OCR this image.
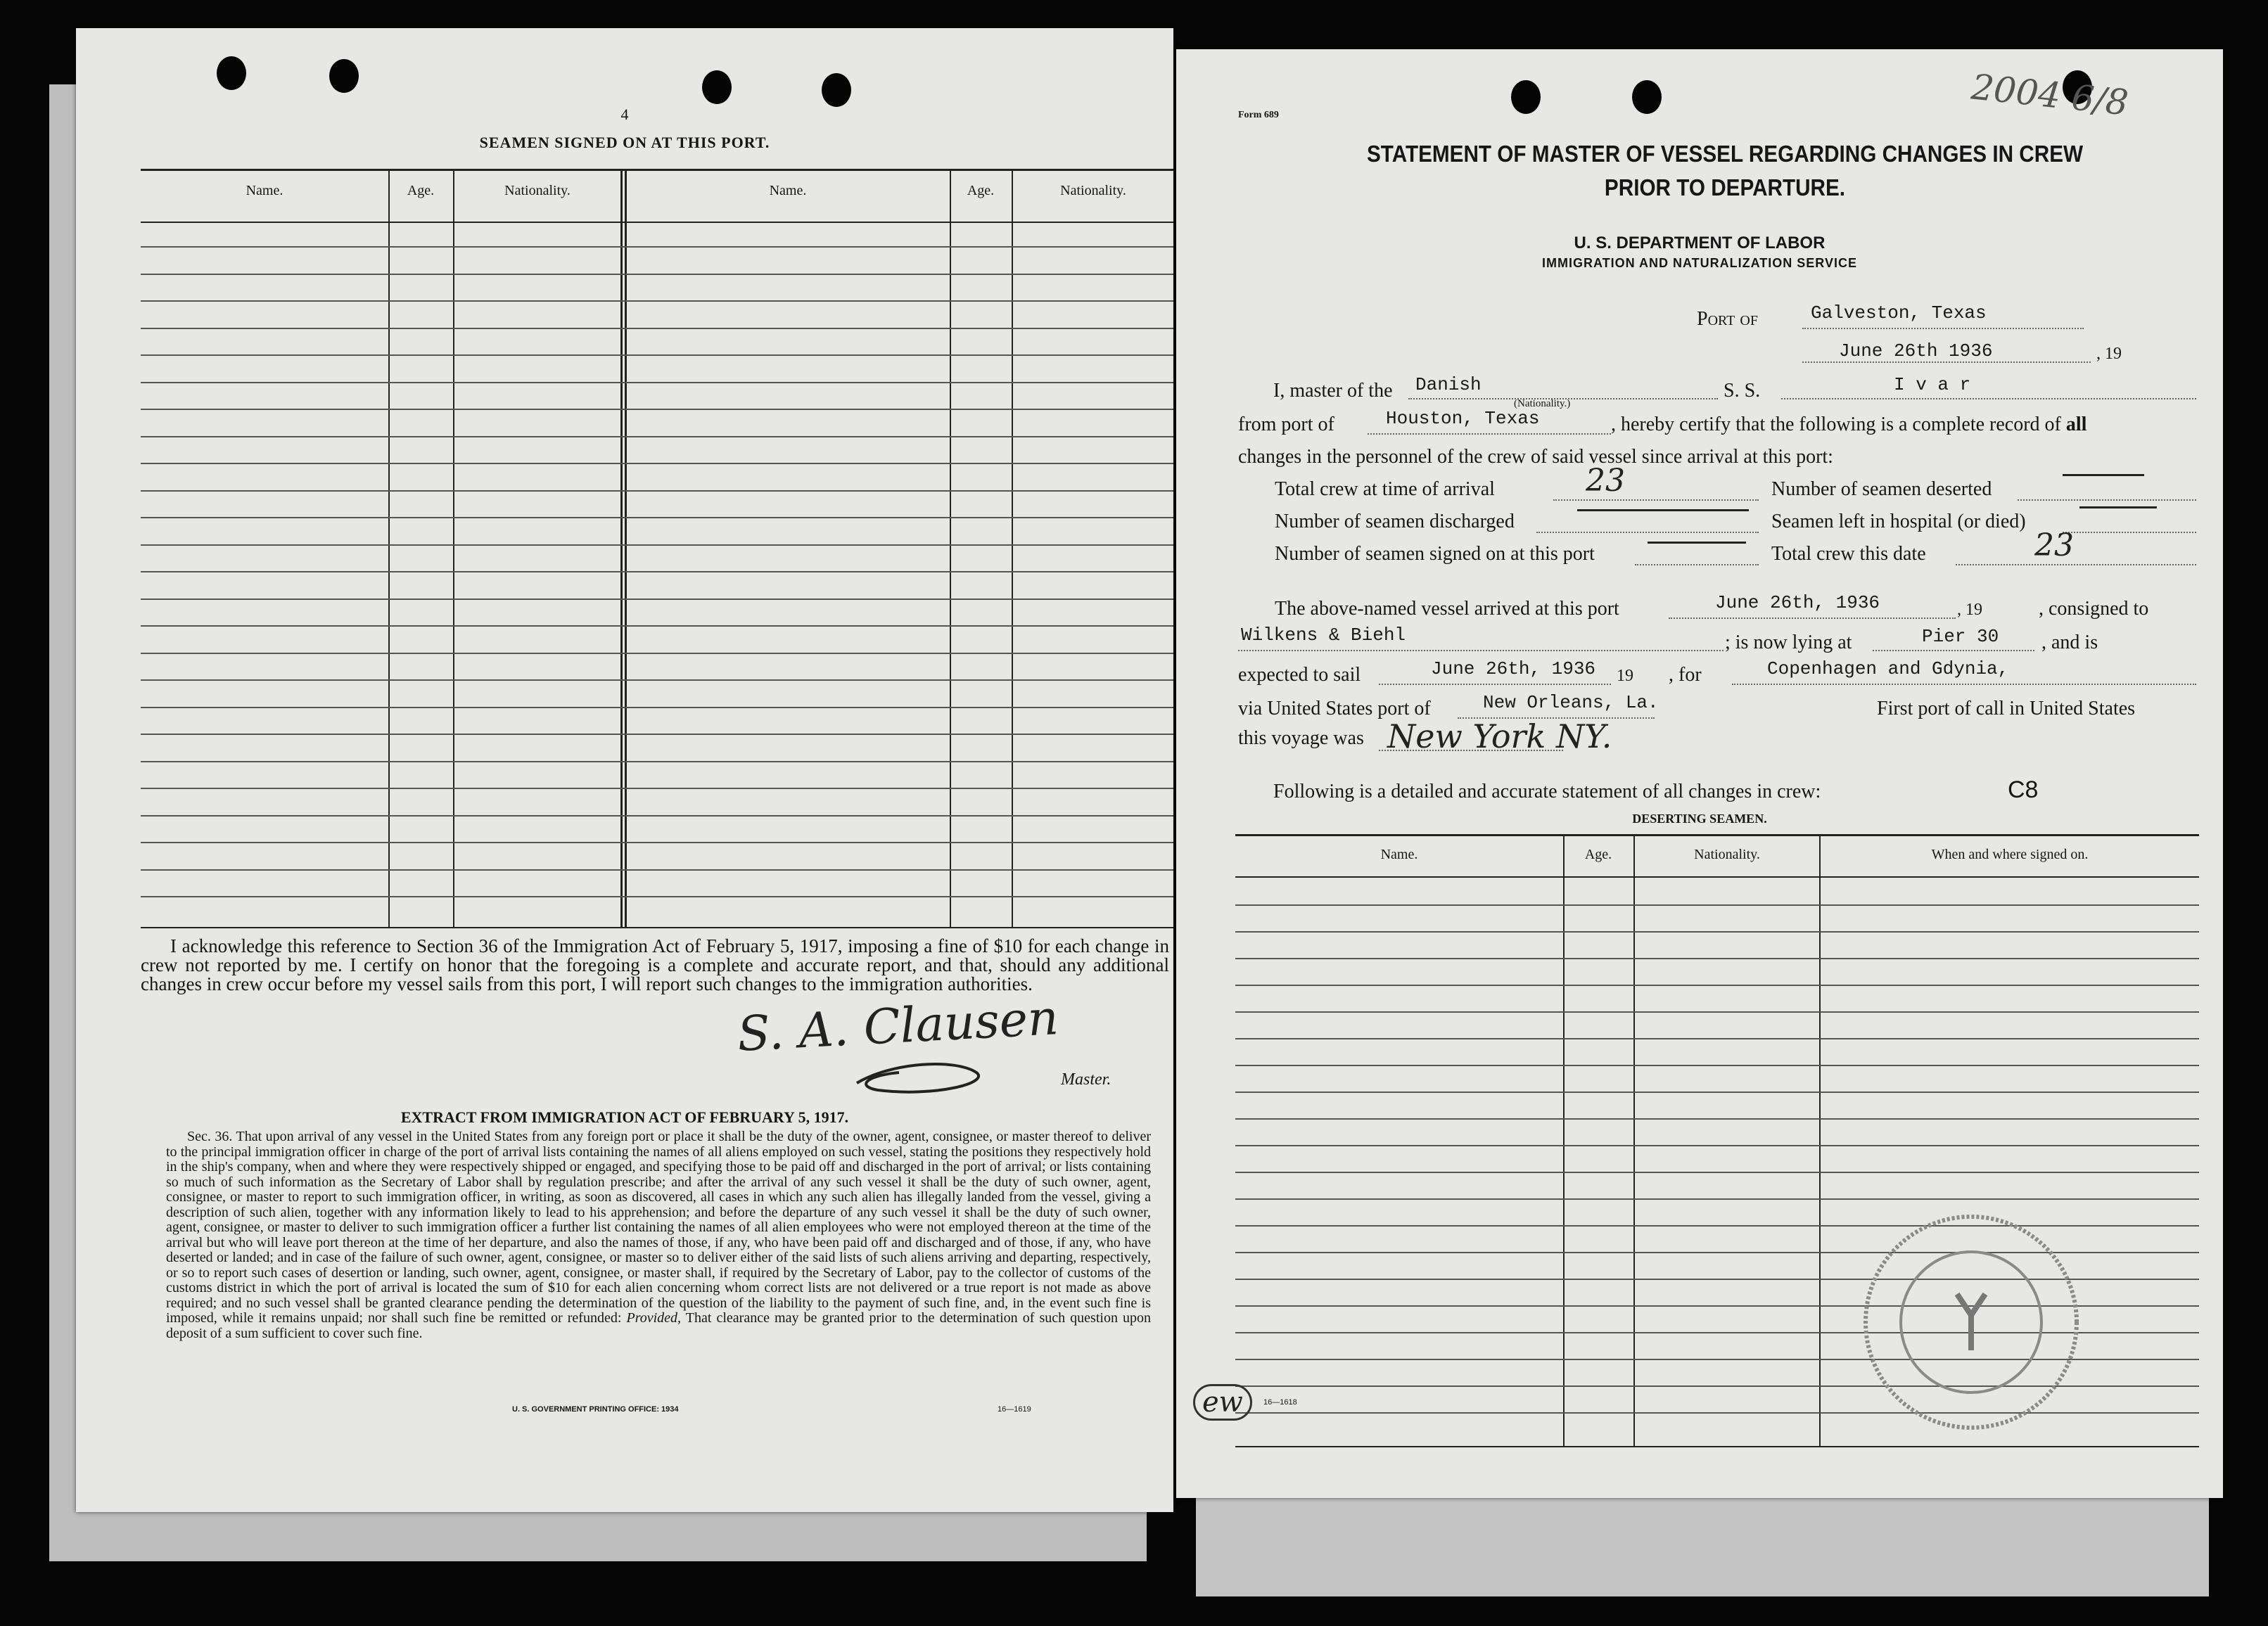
4
SEAMEN SIGNED ON AT THIS PORT.
Name.	Age.	Nationality.	Name.	Age.	Nationality.
I acknowledge this reference to Section 36 of the Immigration Act of February 5, 1917, imposing a fine of $10 for each change in crew not reported by me. I certify on honor that the foregoing is a complete and accurate report, and that, should any additional changes in crew occur before my vessel sails from this port, I will report such changes to the immigration authorities.
S. A. Clausen
Master.
EXTRACT FROM IMMIGRATION ACT OF FEBRUARY 5, 1917.
Sec. 36. That upon arrival of any vessel in the United States from any foreign port or place it shall be the duty of the owner, agent, consignee, or master thereof to deliver to the principal immigration officer in charge of the port of arrival lists containing the names of all aliens employed on such vessel, stating the positions they respectively hold in the ship's company, when and where they were respectively shipped or engaged, and specifying those to be paid off and discharged in the port of arrival; or lists containing so much of such information as the Secretary of Labor shall by regulation prescribe; and after the arrival of any such vessel it shall be the duty of such owner, agent, consignee, or master to report to such immigration officer, in writing, as soon as discovered, all cases in which any such alien has illegally landed from the vessel, giving a description of such alien, together with any information likely to lead to his apprehension; and before the departure of any such vessel it shall be the duty of such owner, agent, consignee, or master to deliver to such immigration officer a further list containing the names of all alien employees who were not employed thereon at the time of the arrival but who will leave port thereon at the time of her departure, and also the names of those, if any, who have been paid off and discharged and of those, if any, who have deserted or landed; and in case of the failure of such owner, agent, consignee, or master so to deliver either of the said lists of such aliens arriving and departing, respectively, or so to report such cases of desertion or landing, such owner, agent, consignee, or master shall, if required by the Secretary of Labor, pay to the collector of customs of the customs district in which the port of arrival is located the sum of $10 for each alien concerning whom correct lists are not delivered or a true report is not made as above required; and no such vessel shall be granted clearance pending the determination of the question of the liability to the payment of such fine, and, in the event such fine is imposed, while it remains unpaid; nor shall such fine be remitted or refunded: Provided, That clearance may be granted prior to the determination of such question upon deposit of a sum sufficient to cover such fine.
U. S. GOVERNMENT PRINTING OFFICE: 1934	16—1619
Form 689	2004 6/8
STATEMENT OF MASTER OF VESSEL REGARDING CHANGES IN CREW
PRIOR TO DEPARTURE.
U. S. DEPARTMENT OF LABOR
IMMIGRATION AND NATURALIZATION SERVICE
Port of	Galveston, Texas
June 26th 1936	, 19
I, master of the Danish
(Nationality.)
S. S.	I v a r
from port of	Houston, Texas	, hereby certify that the following is a complete record of all
changes in the personnel of the crew of said vessel since arrival at this port:
Total crew at time of arrival	23	Number of seamen deserted
Number of seamen discharged	Seamen left in hospital (or died)
Number of seamen signed on at this port	Total crew this date	23
The above-named vessel arrived at this port	June 26th, 1936	, 19	, consigned to
Wilkens & Biehl	; is now lying at	Pier 30 , and is
expected to sail	June 26th, 1936 19 , for	Copenhagen and Gdynia,
via United States port of	New Orleans, La.	First port of call in United States
this voyage was New York NY.
Following is a detailed and accurate statement of all changes in crew:	C8
DESERTING SEAMEN.
Name.	Age.	Nationality.	When and where signed on.
ew	16—1618
